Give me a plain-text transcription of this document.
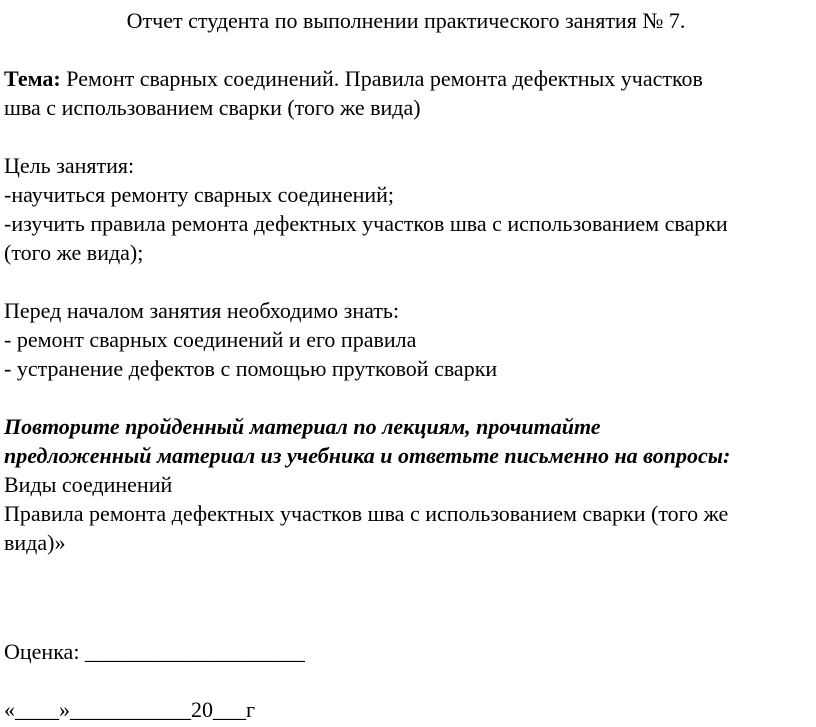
Отчет студента по выполнении практического занятия № 7.
Тема: Ремонт сварных соединений. Правила ремонта дефектных участков
шва с использованием сварки (того же вида)
Цель занятия:
-научиться ремонту сварных соединений;
-изучить правила ремонта дефектных участков шва с использованием сварки
(того же вида);
Перед началом занятия необходимо знать:
- ремонт сварных соединений и его правила
- устранение дефектов с помощью прутковой сварки
Повторите пройденный материал по лекциям, прочитайте
предложенный материал из учебника и ответьте письменно на вопросы:
Виды соединений
Правила ремонта дефектных участков шва с использованием сварки (того же
вида)»
Оценка: ____________________
«____»___________20___г
